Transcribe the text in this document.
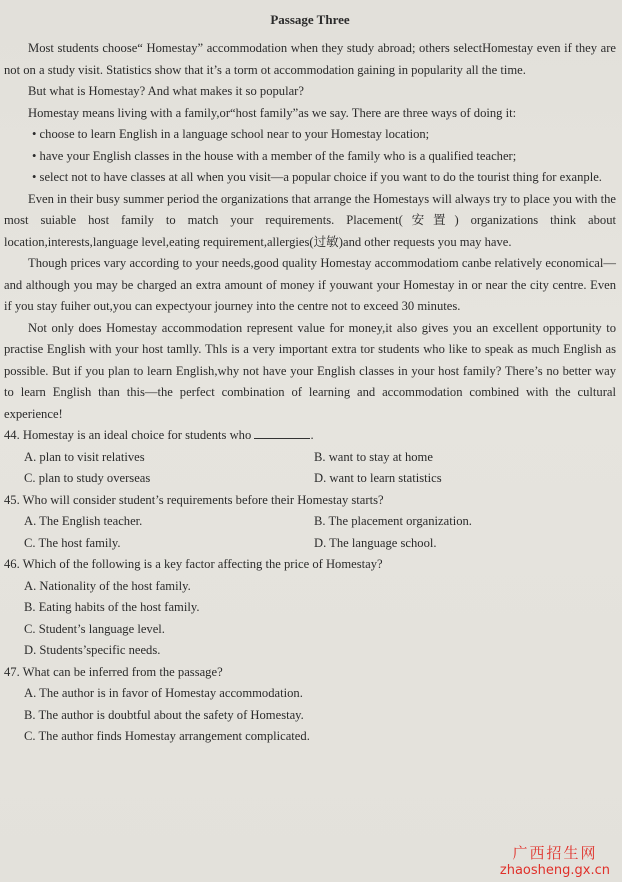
Passage Three

Most students choose“ Homestay” accommodation when they study abroad; others selectHomestay even if they are not on a study visit. Statistics show that it’s a torm ot accommodation gaining in popularity all the time.

But what is Homestay? And what makes it so popular?

Homestay means living with a family,or“host family”as we say. There are three ways of doing it:

• choose to learn English in a language school near to your Homestay location;

• have your English classes in the house with a member of the family who is a qualified teacher;

• select not to have classes at all when you visit—a popular choice if you want to do the tourist thing for exanple.

Even in their busy summer period the organizations that arrange the Homestays will always try to place you with the most suiable host family to match your requirements. Placement(安置) organizations think about location,interests,language level,eating requirement,allergies(过敏)and other requests you may have.

Though prices vary according to your needs,good quality Homestay accommodatiom canbe relatively economical—and although you may be charged an extra amount of money if youwant your Homestay in or near the city centre. Even if you stay fuiher out,you can expectyour journey into the centre not to exceed 30 minutes.

Not only does Homestay accommodation represent value for money,it also gives you an excellent opportunity to practise English with your host tamlly. Thls is a very important extra tor students who like to speak as much English as possible. But if you plan to learn English,why not have your English classes in your host family? There’s no better way to learn English than this—the perfect combination of learning and accommodation combined with the cultural experience!

44. Homestay is an ideal choice for students who	.
A. plan to visit relatives	B. want to stay at home
C. plan to study overseas	D. want to learn statistics
45. Who will consider student’s requirements before their Homestay starts?
A. The English teacher.	B. The placement organization.
C. The host family.	D. The language school.
46. Which of the following is a key factor affecting the price of Homestay?
A. Nationality of the host family.
B. Eating habits of the host family.
C. Student’s language level.
D. Students’specific needs.
47. What can be inferred from the passage?
A. The author is in favor of Homestay accommodation.
B. The author is doubtful about the safety of Homestay.
C. The author finds Homestay arrangement complicated.
广西招生网
zhaosheng.gx.cn
